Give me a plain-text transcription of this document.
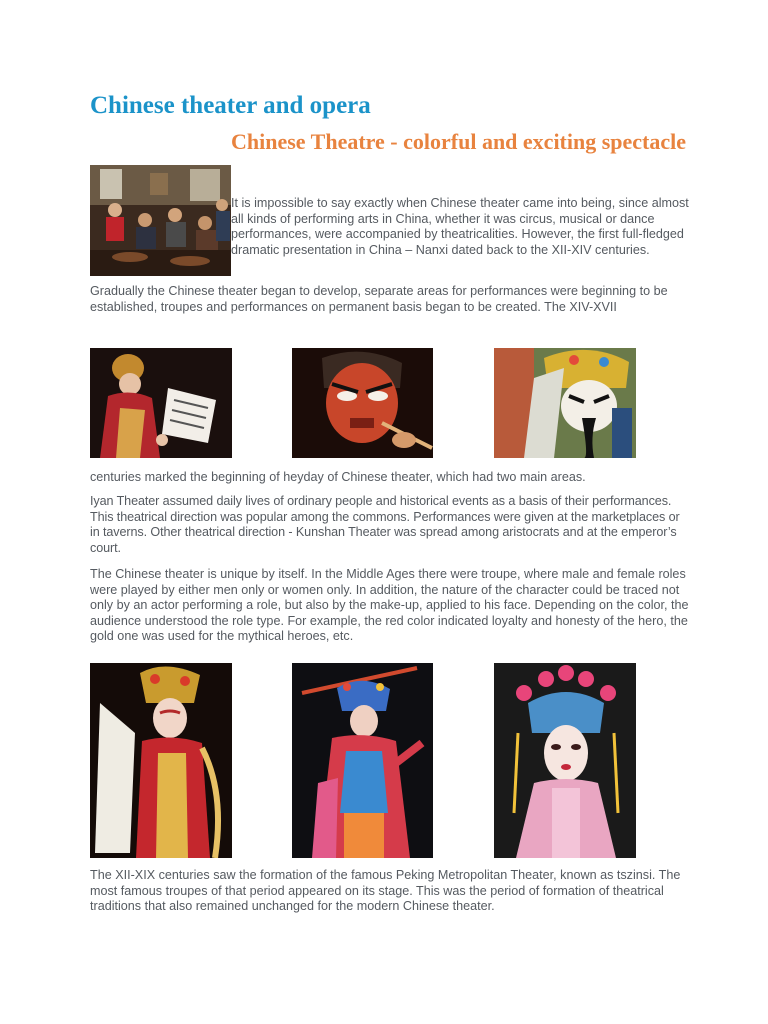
Chinese theater and opera
Chinese Theatre - colorful and exciting spectacle

It is impossible to say exactly when Chinese theater came into being, since almost all kinds of performing arts in China, whether it was circus, musical or dance performances, were accompanied by theatricalities. However, the first full-fledged dramatic presentation in China – Nanxi dated back to the XII-XIV centuries.

Gradually the Chinese theater began to develop, separate areas for performances were beginning to be established, troupes and performances on permanent basis began to be created. The XIV-XVII

centuries marked the beginning of heyday of Chinese theater, which had two main areas.

Iyan Theater assumed daily lives of ordinary people and historical events as a basis of their performances. This theatrical direction was popular among the commons. Performances were given at the marketplaces or in taverns. Other theatrical direction - Kunshan Theater was spread among aristocrats and at the emperor’s court.

The Chinese theater is unique by itself. In the Middle Ages there were troupe, where male and female roles were played by either men only or women only. In addition, the nature of the character could be traced not only by an actor performing a role, but also by the make-up, applied to his face. Depending on the color, the audience understood the role type. For example, the red color indicated loyalty and honesty of the hero, the gold one was used for the mythical heroes, etc.

The XII-XIX centuries saw the formation of the famous Peking Metropolitan Theater, known as tszinsi. The most famous troupes of that period appeared on its stage. This was the period of formation of theatrical traditions that also remained unchanged for the modern Chinese theater.
